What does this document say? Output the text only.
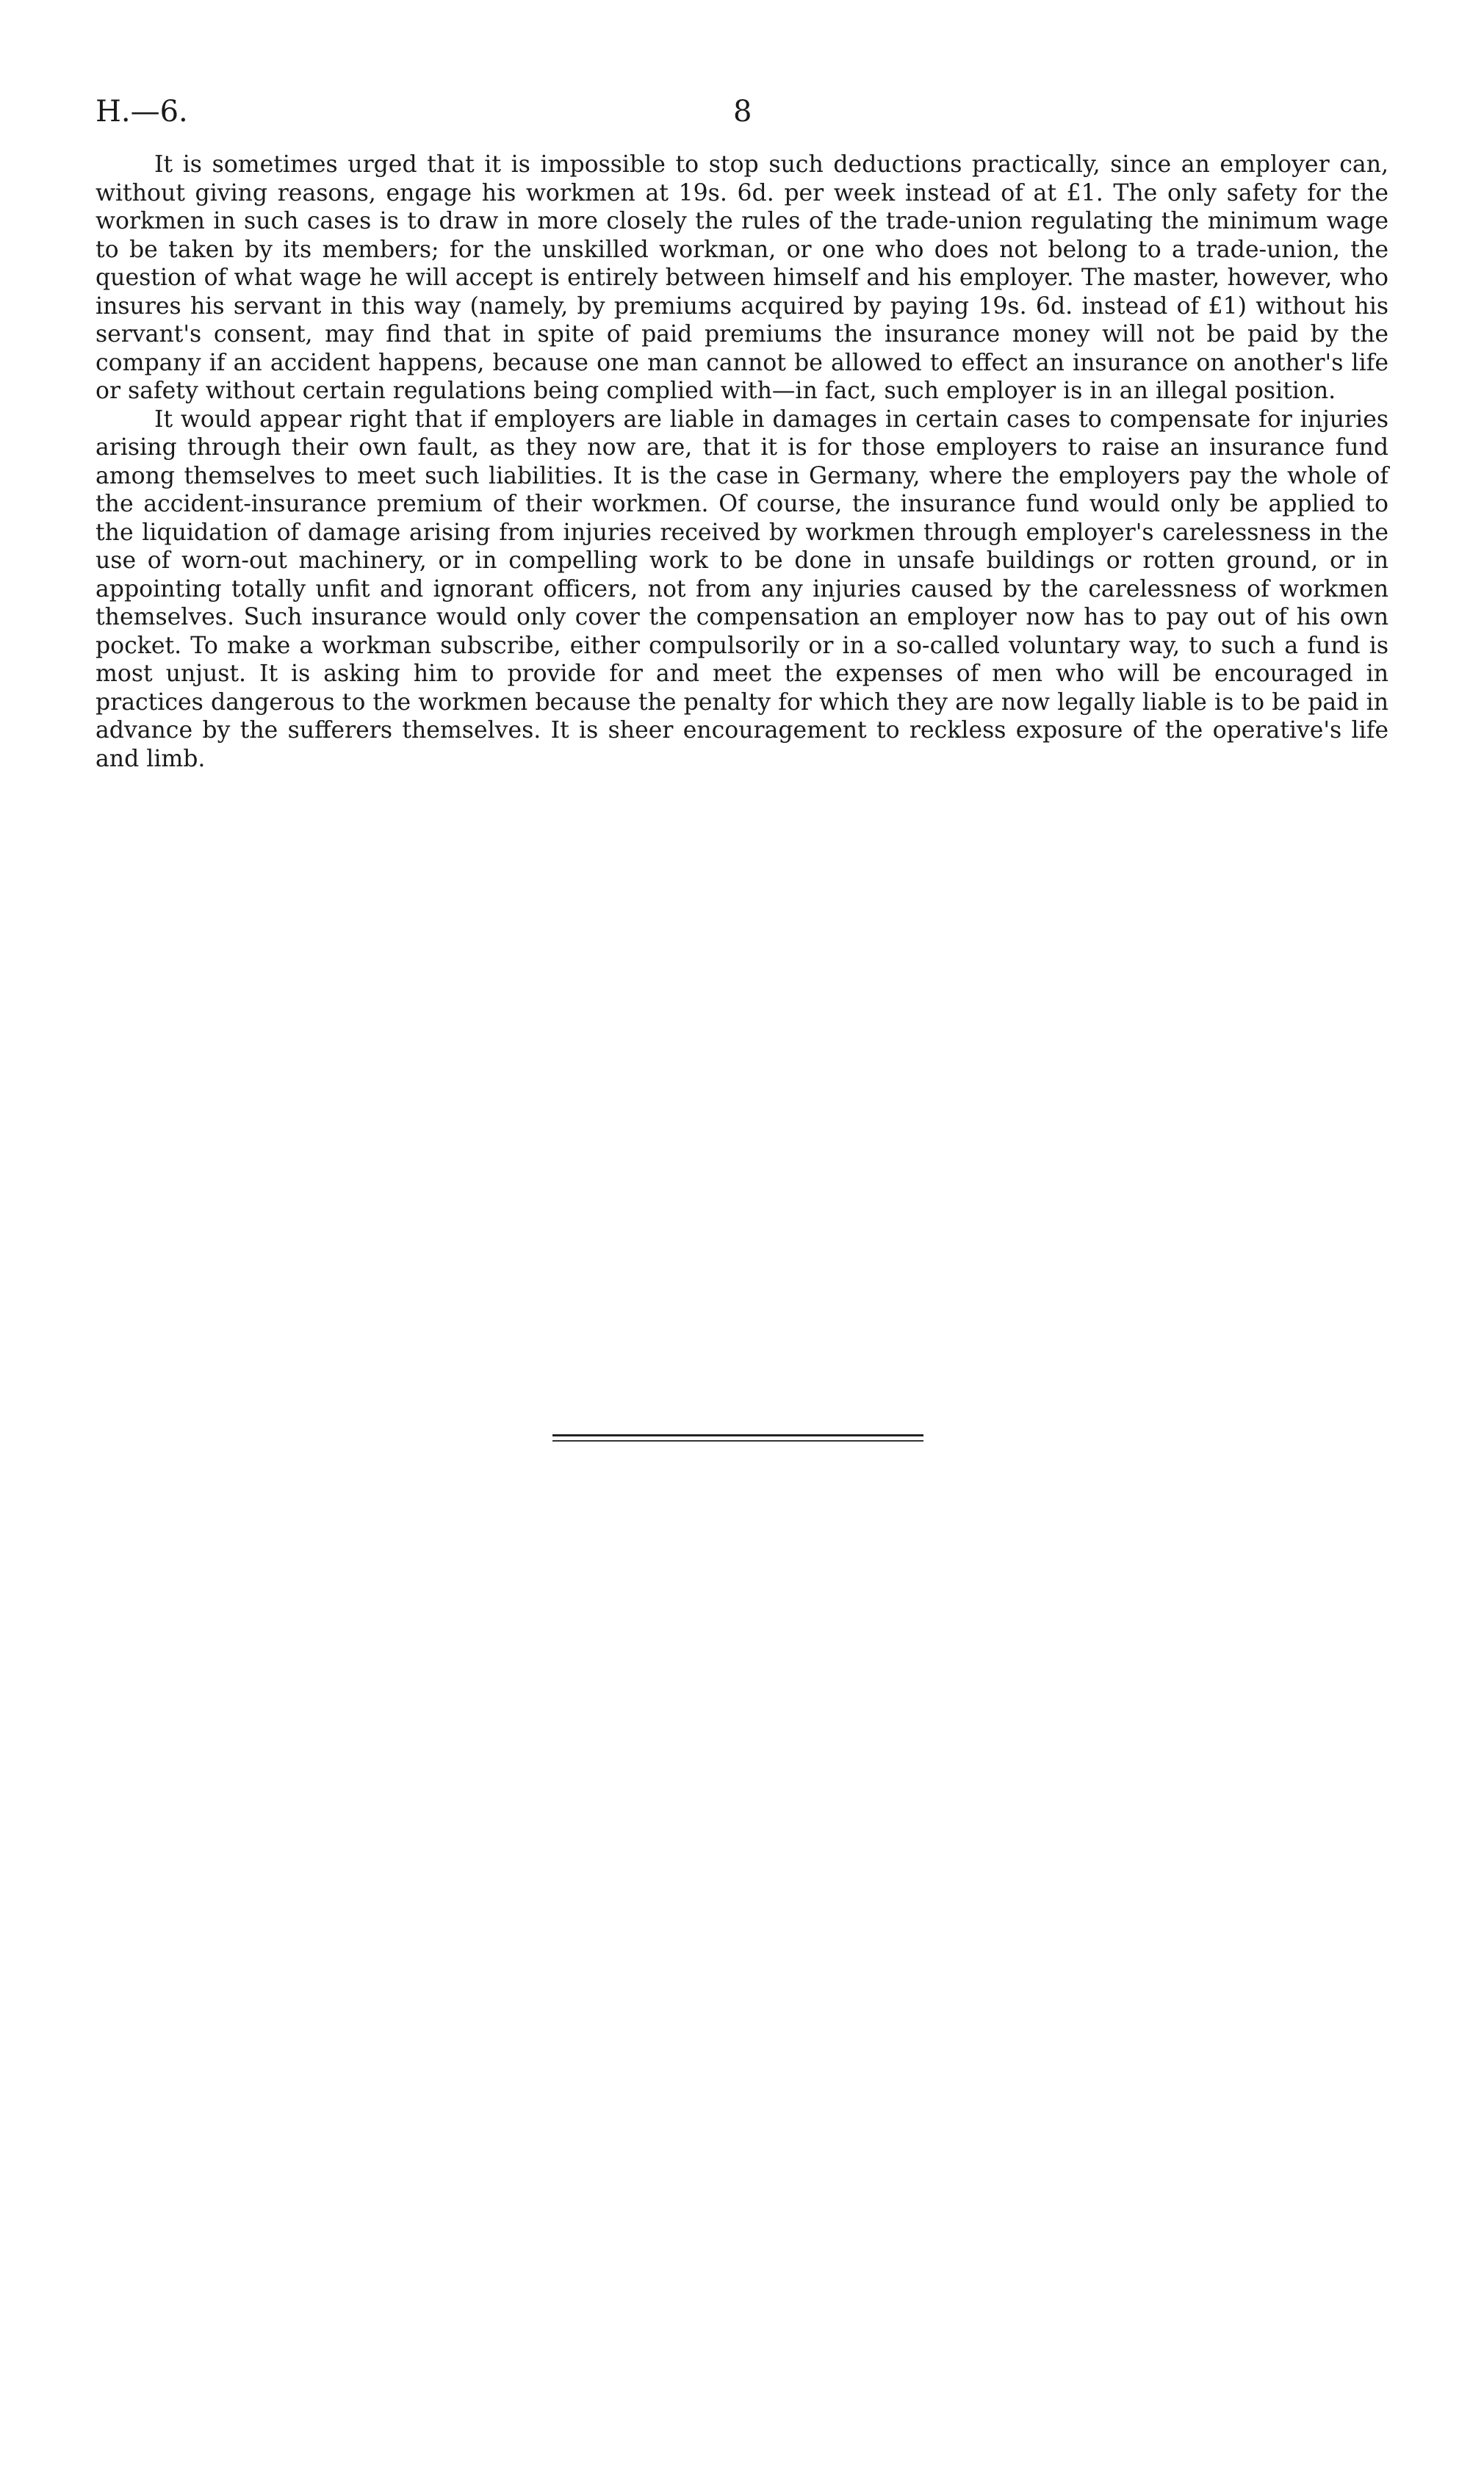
H.—6.	8

It is sometimes urged that it is impossible to stop such deductions practically, since an employer can, without giving reasons, engage his workmen at 19s. 6d. per week instead of at £1. The only safety for the workmen in such cases is to draw in more closely the rules of the trade-union regulating the minimum wage to be taken by its members; for the unskilled workman, or one who does not belong to a trade-union, the question of what wage he will accept is entirely between himself and his employer. The master, however, who insures his servant in this way (namely, by premiums acquired by paying 19s. 6d. instead of £1) without his servant's consent, may find that in spite of paid premiums the insurance money will not be paid by the company if an accident happens, because one man cannot be allowed to effect an insurance on another's life or safety without certain regulations being complied with—in fact, such employer is in an illegal position.

It would appear right that if employers are liable in damages in certain cases to compensate for injuries arising through their own fault, as they now are, that it is for those employers to raise an insurance fund among themselves to meet such liabilities. It is the case in Germany, where the employers pay the whole of the accident-insurance premium of their workmen. Of course, the insurance fund would only be applied to the liquidation of damage arising from injuries received by workmen through employer's carelessness in the use of worn-out machinery, or in compelling work to be done in unsafe buildings or rotten ground, or in appointing totally unfit and ignorant officers, not from any injuries caused by the carelessness of workmen themselves. Such insurance would only cover the compensation an employer now has to pay out of his own pocket. To make a workman subscribe, either compulsorily or in a so-called voluntary way, to such a fund is most unjust. It is asking him to provide for and meet the expenses of men who will be encouraged in practices dangerous to the workmen because the penalty for which they are now legally liable is to be paid in advance by the sufferers themselves. It is sheer encouragement to reckless exposure of the operative's life and limb.
